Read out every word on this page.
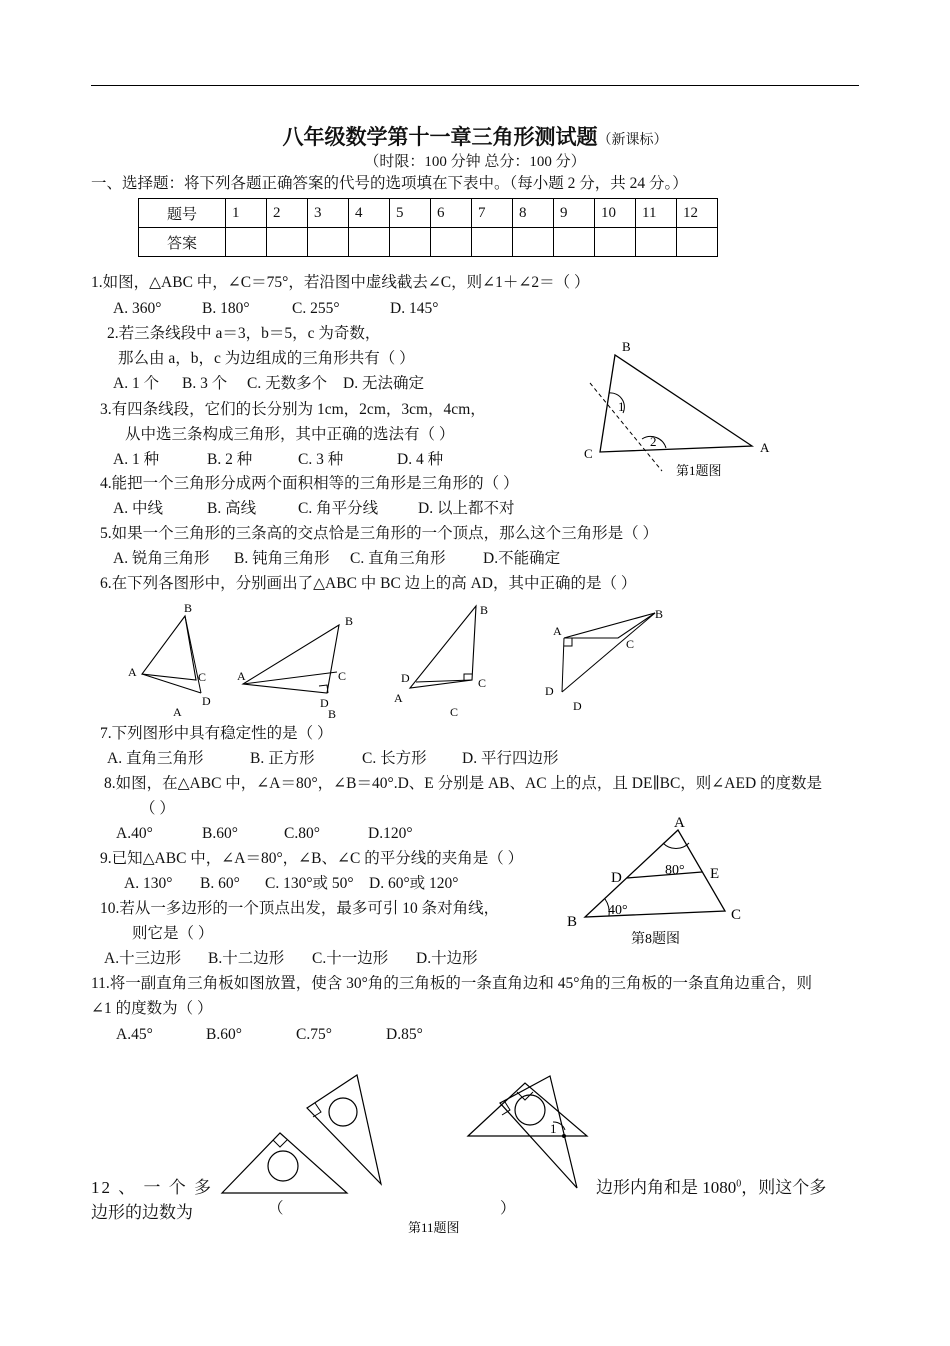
八年级数学第十一章三角形测试题（新课标）
（时限：100 分钟 总分：100 分）
一、选择题：将下列各题正确答案的代号的选项填在下表中。（每小题 2 分，共 24 分。）
题号	1	2	3	4	5	6	7	8	9	10	11	12
答案												
1.如图，△ABC 中，∠C＝75°，若沿图中虚线截去∠C，则∠1＋∠2＝（ ）
A. 360°	B. 180°	C. 255°	D. 145°
2.若三条线段中 a＝3，b＝5，c 为奇数，
那么由 a，b，c 为边组成的三角形共有（ ）
A. 1 个 B. 3 个 C. 无数多个 D. 无法确定
3.有四条线段，它们的长分别为 1cm，2cm，3cm，4cm，
从中选三条构成三角形，其中正确的选法有（ ）
A. 1 种	B. 2 种	C. 3 种	D. 4 种
B
C	A
1
2
第1题图
4.能把一个三角形分成两个面积相等的三角形是三角形的（ ）
A. 中线	B. 高线	C. 角平分线	D. 以上都不对
5.如果一个三角形的三条高的交点恰是三角形的一个顶点，那么这个三角形是（ ）
A. 锐角三角形 B. 钝角三角形 C. 直角三角形 D.不能确定
6.在下列各图形中，分别画出了△ABC 中 BC 边上的高 AD，其中正确的是（ ）
B
A	C
D
A
B
A	C
D
B
B
D	C
A
C
B
A
C
D
D
7.下列图形中具有稳定性的是（ ）
A. 直角三角形	B. 正方形	C. 长方形 D. 平行四边形
8.如图，在△ABC 中，∠A＝80°，∠B＝40°.D、E 分别是 AB、AC 上的点，且 DE∥BC，则∠AED 的度数是
（ ）
A.40°	B.60°	C.80°	D.120°
A
D	E
B	C
80°
40°
第8题图
9.已知△ABC 中，∠A＝80°，∠B、∠C 的平分线的夹角是（ ）
A. 130° B. 60° C. 130°或 50° D. 60°或 120°
10.若从一多边形的一个顶点出发，最多可引 10 条对角线，
则它是（ ）
A.十三边形 B.十二边形 C.十一边形 D.十边形
11.将一副直角三角板如图放置，使含 30°角的三角板的一条直角边和 45°角的三角板的一条直角边重合，则
∠1 的度数为（ ）
A.45°	B.60°	C.75°	D.85°
1
第11题图
12 、 一 个 多	边形内角和是 1080$^0$，则这个多
边形的边数为	（	）
